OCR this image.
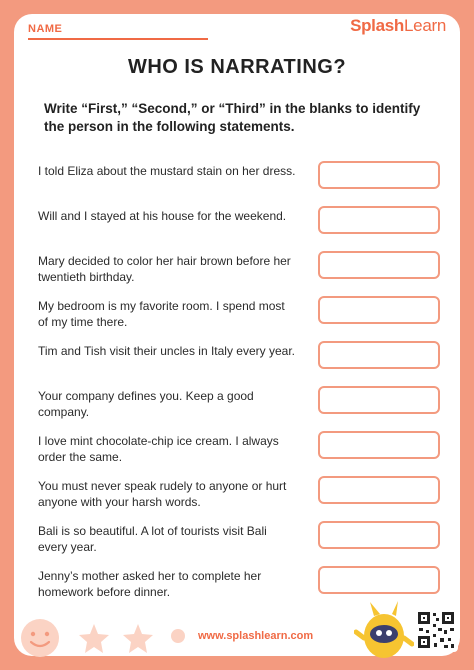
NAME	SplashLearn
WHO IS NARRATING?
Write “First,” “Second,” or “Third” in the blanks to identify the person in the following statements.
I told Eliza about the mustard stain on her dress.
Will and I stayed at his house for the weekend.
Mary decided to color her hair brown before her twentieth birthday.
My bedroom is my favorite room. I spend most of my time there.
Tim and Tish visit their uncles in Italy every year.
Your company defines you. Keep a good company.
I love mint chocolate-chip ice cream. I always order the same.
You must never speak rudely to anyone or hurt anyone with your harsh words.
Bali is so beautiful. A lot of tourists visit Bali every year.
Jenny’s mother asked her to complete her homework before dinner.
www.splashlearn.com
